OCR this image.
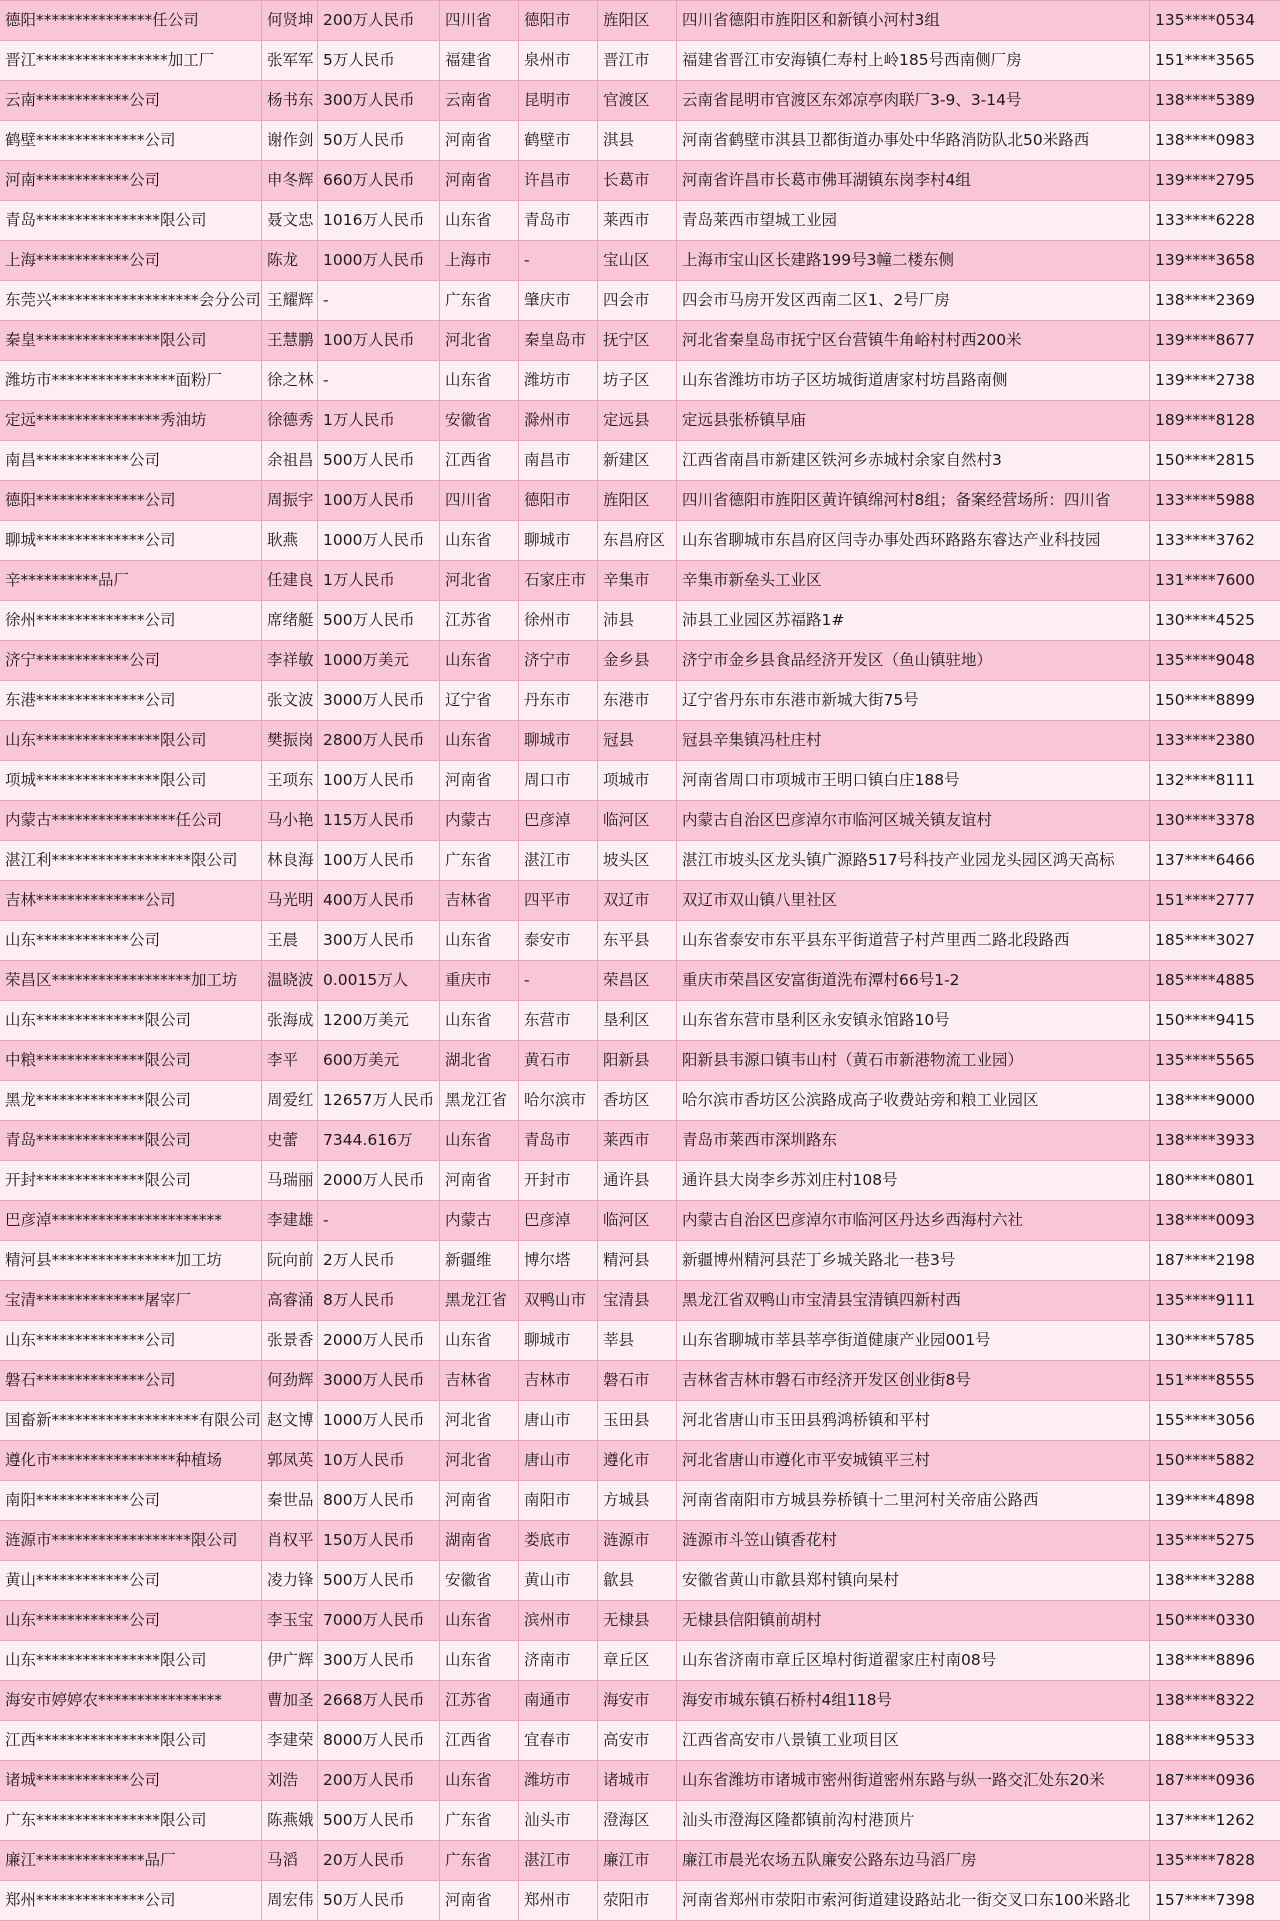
德阳***************任公司	何贤坤 200万人民币	四川省	德阳市	旌阳区	四川省德阳市旌阳区和新镇小河村3组	135****0534
晋江*****************加工厂	张军军 5万人民币	福建省	泉州市	晋江市	福建省晋江市安海镇仁寿村上岭185号西南侧厂房	151****3565
云南************公司	杨书东 300万人民币	云南省	昆明市	官渡区	云南省昆明市官渡区东郊凉亭肉联厂3-9、3-14号	138****5389
鹤壁**************公司	谢作剑 50万人民币	河南省	鹤壁市	淇县	河南省鹤壁市淇县卫都街道办事处中华路消防队北50米路西	138****0983
河南************公司	申冬辉 660万人民币	河南省	许昌市	长葛市	河南省许昌市长葛市佛耳湖镇东岗李村4组	139****2795
青岛****************限公司	聂文忠 1016万人民币	山东省	青岛市	莱西市	青岛莱西市望城工业园	133****6228
上海************公司	陈龙	1000万人民币	上海市	-	宝山区	上海市宝山区长建路199号3幢二楼东侧	139****3658
东莞兴*******************会分公司 王耀辉 -	广东省	肇庆市	四会市	四会市马房开发区西南二区1、2号厂房	138****2369
秦皇****************限公司	王慧鹏 100万人民币	河北省	秦皇岛市	抚宁区	河北省秦皇岛市抚宁区台营镇牛角峪村村西200米	139****8677
潍坊市****************面粉厂	徐之林 -	山东省	潍坊市	坊子区	山东省潍坊市坊子区坊城街道唐家村坊昌路南侧	139****2738
定远****************秀油坊	徐德秀 1万人民币	安徽省	滁州市	定远县	定远县张桥镇早庙	189****8128
南昌************公司	余祖昌 500万人民币	江西省	南昌市	新建区	江西省南昌市新建区铁河乡赤城村余家自然村3	150****2815
德阳**************公司	周振宇 100万人民币	四川省	德阳市	旌阳区	四川省德阳市旌阳区黄许镇绵河村8组；备案经营场所：四川省	133****5988
聊城**************公司	耿燕	1000万人民币	山东省	聊城市	东昌府区	山东省聊城市东昌府区闫寺办事处西环路路东睿达产业科技园	133****3762
辛**********品厂	任建良 1万人民币	河北省	石家庄市	辛集市	辛集市新垒头工业区	131****7600
徐州**************公司	席绪艇 500万人民币	江苏省	徐州市	沛县	沛县工业园区苏福路1#	130****4525
济宁************公司	李祥敏 1000万美元	山东省	济宁市	金乡县	济宁市金乡县食品经济开发区（鱼山镇驻地）	135****9048
东港**************公司	张文波 3000万人民币	辽宁省	丹东市	东港市	辽宁省丹东市东港市新城大街75号	150****8899
山东****************限公司	樊振岗 2800万人民币	山东省	聊城市	冠县	冠县辛集镇冯杜庄村	133****2380
项城****************限公司	王项东 100万人民币	河南省	周口市	项城市	河南省周口市项城市王明口镇白庄188号	132****8111
内蒙古****************任公司	马小艳 115万人民币	内蒙古	巴彦淖	临河区	内蒙古自治区巴彦淖尔市临河区城关镇友谊村	130****3378
湛江利******************限公司	林良海 100万人民币	广东省	湛江市	坡头区	湛江市坡头区龙头镇广源路517号科技产业园龙头园区鸿天高标	137****6466
吉林**************公司	马光明 400万人民币	吉林省	四平市	双辽市	双辽市双山镇八里社区	151****2777
山东************公司	王晨	300万人民币	山东省	泰安市	东平县	山东省泰安市东平县东平街道营子村芦里西二路北段路西	185****3027
荣昌区******************加工坊	温晓波 0.0015万人	重庆市	-	荣昌区	重庆市荣昌区安富街道洗布潭村66号1-2	185****4885
山东**************限公司	张海成 1200万美元	山东省	东营市	垦利区	山东省东营市垦利区永安镇永馆路10号	150****9415
中粮**************限公司	李平	600万美元	湖北省	黄石市	阳新县	阳新县韦源口镇韦山村（黄石市新港物流工业园）	135****5565
黑龙**************限公司	周爱红 12657万人民币 黑龙江省	哈尔滨市	香坊区	哈尔滨市香坊区公滨路成高子收费站旁和粮工业园区	138****9000
青岛**************限公司	史蕾	7344.616万	山东省	青岛市	莱西市	青岛市莱西市深圳路东	138****3933
开封**************限公司	马瑞丽 2000万人民币	河南省	开封市	通许县	通许县大岗李乡苏刘庄村108号	180****0801
巴彦淖**********************	李建雄 -	内蒙古	巴彦淖	临河区	内蒙古自治区巴彦淖尔市临河区丹达乡西海村六社	138****0093
精河县****************加工坊	阮向前 2万人民币	新疆维	博尔塔	精河县	新疆博州精河县茫丁乡城关路北一巷3号	187****2198
宝清**************屠宰厂	高睿涌 8万人民币	黑龙江省	双鸭山市	宝清县	黑龙江省双鸭山市宝清县宝清镇四新村西	135****9111
山东**************公司	张景香 2000万人民币	山东省	聊城市	莘县	山东省聊城市莘县莘亭街道健康产业园001号	130****5785
磐石**************公司	何劲辉 3000万人民币	吉林省	吉林市	磐石市	吉林省吉林市磐石市经济开发区创业街8号	151****8555
国畜新*******************有限公司 赵文博 1000万人民币	河北省	唐山市	玉田县	河北省唐山市玉田县鸦鸿桥镇和平村	155****3056
遵化市****************种植场	郭凤英 10万人民币	河北省	唐山市	遵化市	河北省唐山市遵化市平安城镇平三村	150****5882
南阳************公司	秦世品 800万人民币	河南省	南阳市	方城县	河南省南阳市方城县券桥镇十二里河村关帝庙公路西	139****4898
涟源市******************限公司	肖权平 150万人民币	湖南省	娄底市	涟源市	涟源市斗笠山镇香花村	135****5275
黄山************公司	凌力锋 500万人民币	安徽省	黄山市	歙县	安徽省黄山市歙县郑村镇向杲村	138****3288
山东************公司	李玉宝 7000万人民币	山东省	滨州市	无棣县	无棣县信阳镇前胡村	150****0330
山东****************限公司	伊广辉 300万人民币	山东省	济南市	章丘区	山东省济南市章丘区埠村街道翟家庄村南08号	138****8896
海安市婷婷农****************	曹加圣 2668万人民币	江苏省	南通市	海安市	海安市城东镇石桥村4组118号	138****8322
江西****************限公司	李建荣 8000万人民币	江西省	宜春市	高安市	江西省高安市八景镇工业项目区	188****9533
诸城************公司	刘浩	200万人民币	山东省	潍坊市	诸城市	山东省潍坊市诸城市密州街道密州东路与纵一路交汇处东20米	187****0936
广东****************限公司	陈燕娥 500万人民币	广东省	汕头市	澄海区	汕头市澄海区隆都镇前沟村港顶片	137****1262
廉江**************品厂	马滔	20万人民币	广东省	湛江市	廉江市	廉江市晨光农场五队廉安公路东边马滔厂房	135****7828
郑州**************公司	周宏伟 50万人民币	河南省	郑州市	荥阳市	河南省郑州市荥阳市索河街道建设路站北一街交叉口东100米路北	157****7398
